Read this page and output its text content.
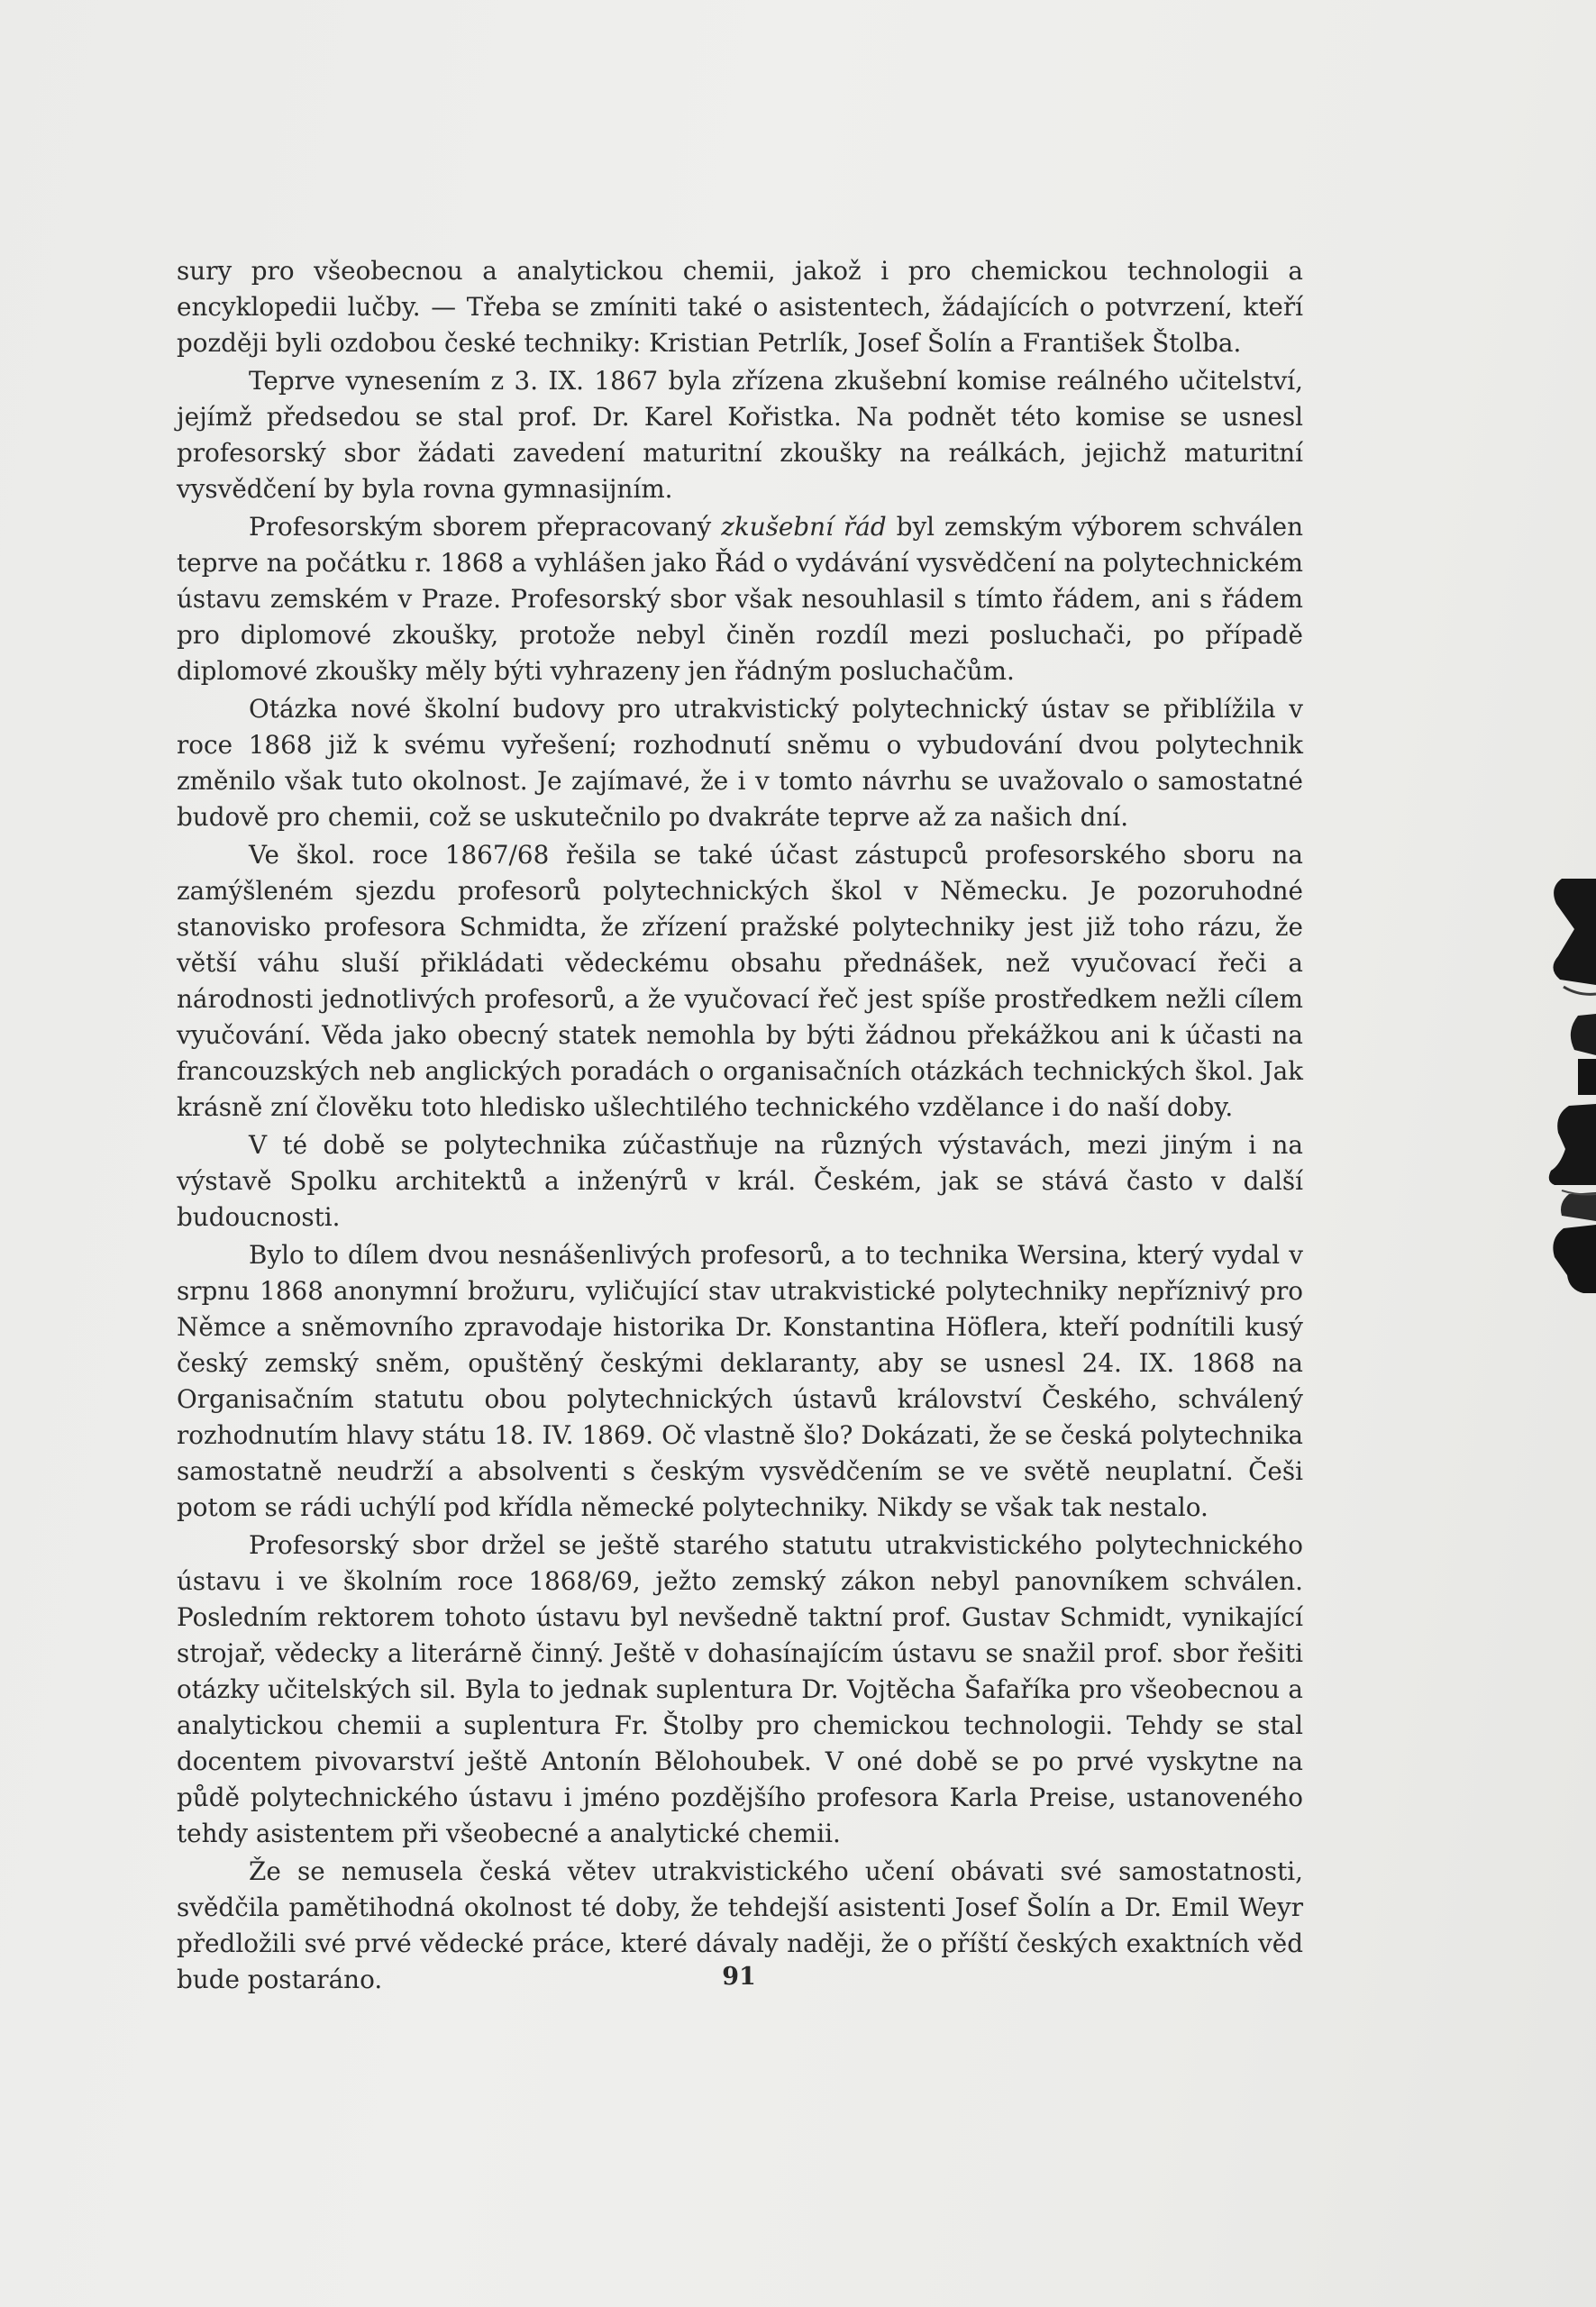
sury pro všeobecnou a analytickou chemii, jakož i pro chemickou technologii a encyklopedii lučby. — Třeba se zmíniti také o asistentech, žádajících o potvrzení, kteří později byli ozdobou české techniky: Kristian Petrlík, Josef Šolín a František Štolba.

Teprve vynesením z 3. IX. 1867 byla zřízena zkušební komise reálného učitelství, jejímž předsedou se stal prof. Dr. Karel Kořistka. Na podnět této komise se usnesl profesorský sbor žádati zavedení maturitní zkoušky na reálkách, jejichž maturitní vysvědčení by byla rovna gymnasijním.

Profesorským sborem přepracovaný zkušební řád byl zemským výborem schválen teprve na počátku r. 1868 a vyhlášen jako Řád o vydávání vysvědčení na polytechnickém ústavu zemském v Praze. Profesorský sbor však nesouhlasil s tímto řádem, ani s řádem pro diplomové zkoušky, protože nebyl činěn rozdíl mezi posluchači, po případě diplomové zkoušky měly býti vyhrazeny jen řádným posluchačům.

Otázka nové školní budovy pro utrakvistický polytechnický ústav se přiblížila v roce 1868 již k svému vyřešení; rozhodnutí sněmu o vybudování dvou polytechnik změnilo však tuto okolnost. Je zajímavé, že i v tomto návrhu se uvažovalo o samostatné budově pro chemii, což se uskutečnilo po dvakráte teprve až za našich dní.

Ve škol. roce 1867/68 řešila se také účast zástupců profesorského sboru na zamýšleném sjezdu profesorů polytechnických škol v Německu. Je pozoruhodné stanovisko profesora Schmidta, že zřízení pražské polytechniky jest již toho rázu, že větší váhu sluší přikládati vědeckému obsahu přednášek, než vyučovací řeči a národnosti jednotlivých profesorů, a že vyučovací řeč jest spíše prostředkem nežli cílem vyučování. Věda jako obecný statek nemohla by býti žádnou překážkou ani k účasti na francouzských neb anglických poradách o organisačních otázkách technických škol. Jak krásně zní člověku toto hledisko ušlechtilého technického vzdělance i do naší doby.

V té době se polytechnika zúčastňuje na různých výstavách, mezi jiným i na výstavě Spolku architektů a inženýrů v král. Českém, jak se stává často v další budoucnosti.

Bylo to dílem dvou nesnášenlivých profesorů, a to technika Wersina, který vydal v srpnu 1868 anonymní brožuru, vyličující stav utrakvistické polytechniky nepříznivý pro Němce a sněmovního zpravodaje historika Dr. Konstantina Höflera, kteří podnítili kusý český zemský sněm, opuštěný českými deklaranty, aby se usnesl 24. IX. 1868 na Organisačním statutu obou polytechnických ústavů království Českého, schválený rozhodnutím hlavy státu 18. IV. 1869. Oč vlastně šlo? Dokázati, že se česká polytechnika samostatně neudrží a absolventi s českým vysvědčením se ve světě neuplatní. Češi potom se rádi uchýlí pod křídla německé polytechniky. Nikdy se však tak nestalo.

Profesorský sbor držel se ještě starého statutu utrakvistického polytechnického ústavu i ve školním roce 1868/69, ježto zemský zákon nebyl panovníkem schválen. Posledním rektorem tohoto ústavu byl nevšedně taktní prof. Gustav Schmidt, vynikající strojař, vědecky a literárně činný. Ještě v dohasínajícím ústavu se snažil prof. sbor řešiti otázky učitelských sil. Byla to jednak suplentura Dr. Vojtěcha Šafaříka pro všeobecnou a analytickou chemii a suplentura Fr. Štolby pro chemickou technologii. Tehdy se stal docentem pivovarství ještě Antonín Bělohoubek. V oné době se po prvé vyskytne na půdě polytechnického ústavu i jméno pozdějšího profesora Karla Preise, ustanoveného tehdy asistentem při všeobecné a analytické chemii.

Že se nemusela česká větev utrakvistického učení obávati své samostatnosti, svědčila pamětihodná okolnost té doby, že tehdejší asistenti Josef Šolín a Dr. Emil Weyr předložili své prvé vědecké práce, které dávaly naději, že o příští českých exaktních věd bude postaráno.	91
